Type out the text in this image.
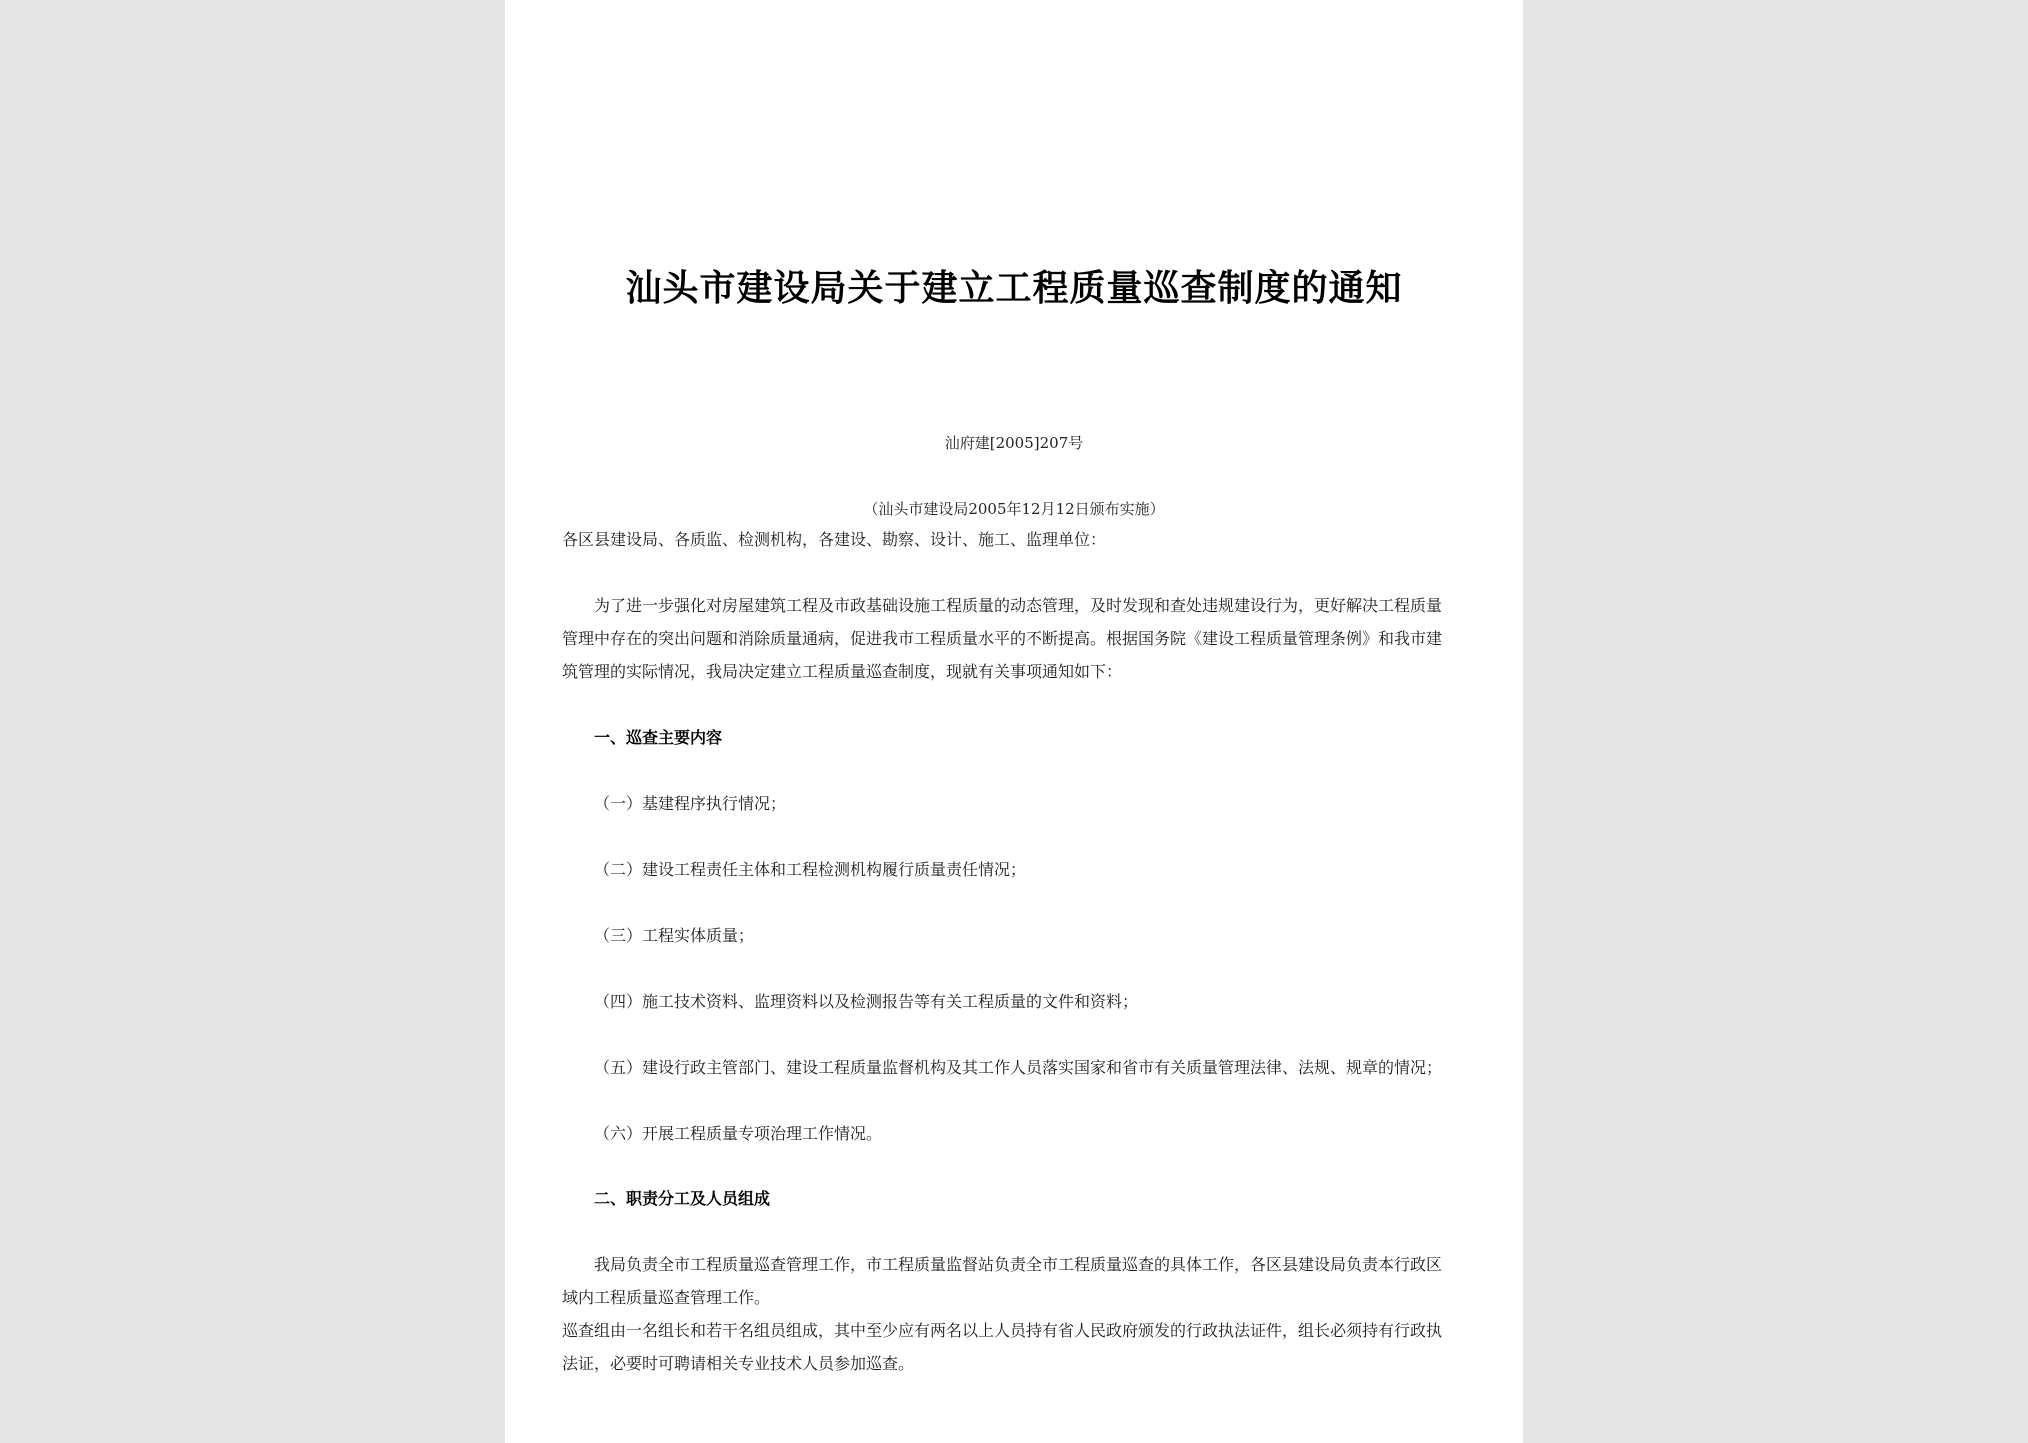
汕头市建设局关于建立工程质量巡查制度的通知
汕府建[2005]207号
（汕头市建设局2005年12月12日颁布实施）
各区县建设局、各质监、检测机构，各建设、勘察、设计、施工、监理单位：
为了进一步强化对房屋建筑工程及市政基础设施工程质量的动态管理，及时发现和查处违规建设行为，更好解决工程质量
管理中存在的突出问题和消除质量通病，促进我市工程质量水平的不断提高。根据国务院《建设工程质量管理条例》和我市建
筑管理的实际情况，我局决定建立工程质量巡查制度，现就有关事项通知如下：
一、巡查主要内容
（一）基建程序执行情况；
（二）建设工程责任主体和工程检测机构履行质量责任情况；
（三）工程实体质量；
（四）施工技术资料、监理资料以及检测报告等有关工程质量的文件和资料；
（五）建设行政主管部门、建设工程质量监督机构及其工作人员落实国家和省市有关质量管理法律、法规、规章的情况；
（六）开展工程质量专项治理工作情况。
二、职责分工及人员组成
我局负责全市工程质量巡查管理工作，市工程质量监督站负责全市工程质量巡查的具体工作，各区县建设局负责本行政区
域内工程质量巡查管理工作。
巡查组由一名组长和若干名组员组成，其中至少应有两名以上人员持有省人民政府颁发的行政执法证件，组长必须持有行政执
法证，必要时可聘请相关专业技术人员参加巡查。
